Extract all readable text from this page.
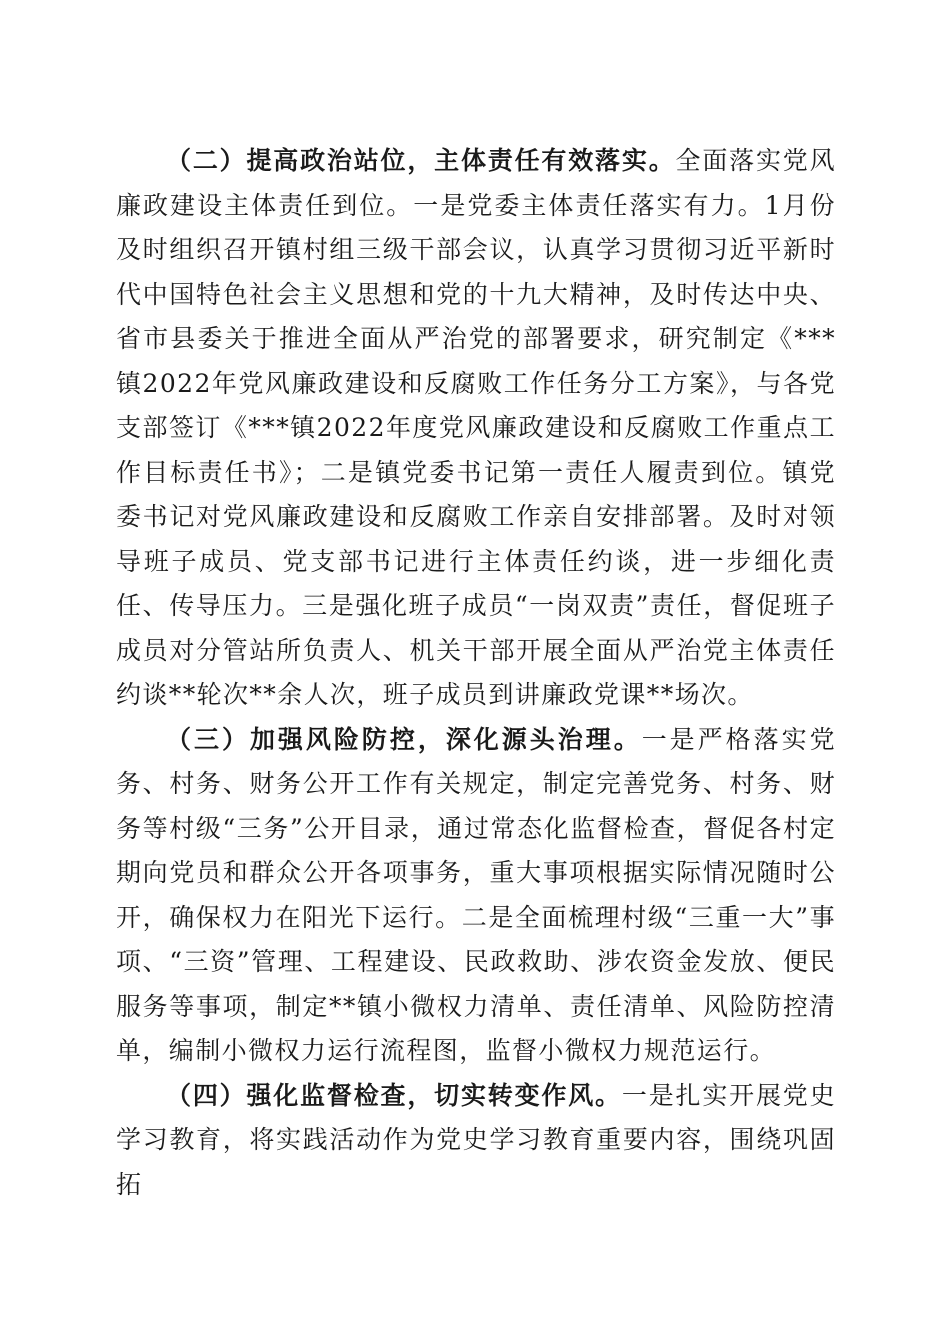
（二）提高政治站位，主体责任有效落实。全面落实党风廉政建设主体责任到位。一是党委主体责任落实有力。1月份及时组织召开镇村组三级干部会议，认真学习贯彻习近平新时代中国特色社会主义思想和党的十九大精神，及时传达中央、省市县委关于推进全面从严治党的部署要求，研究制定《***镇2022年党风廉政建设和反腐败工作任务分工方案》，与各党支部签订《***镇2022年度党风廉政建设和反腐败工作重点工作目标责任书》；二是镇党委书记第一责任人履责到位。镇党委书记对党风廉政建设和反腐败工作亲自安排部署。及时对领导班子成员、党支部书记进行主体责任约谈，进一步细化责任、传导压力。三是强化班子成员“一岗双责”责任，督促班子成员对分管站所负责人、机关干部开展全面从严治党主体责任约谈**轮次**余人次，班子成员到讲廉政党课**场次。

（三）加强风险防控，深化源头治理。一是严格落实党务、村务、财务公开工作有关规定，制定完善党务、村务、财务等村级“三务”公开目录，通过常态化监督检查，督促各村定期向党员和群众公开各项事务，重大事项根据实际情况随时公开，确保权力在阳光下运行。二是全面梳理村级“三重一大”事项、“三资”管理、工程建设、民政救助、涉农资金发放、便民服务等事项，制定**镇小微权力清单、责任清单、风险防控清单，编制小微权力运行流程图，监督小微权力规范运行。

（四）强化监督检查，切实转变作风。一是扎实开展党史学习教育，将实践活动作为党史学习教育重要内容，围绕巩固拓
